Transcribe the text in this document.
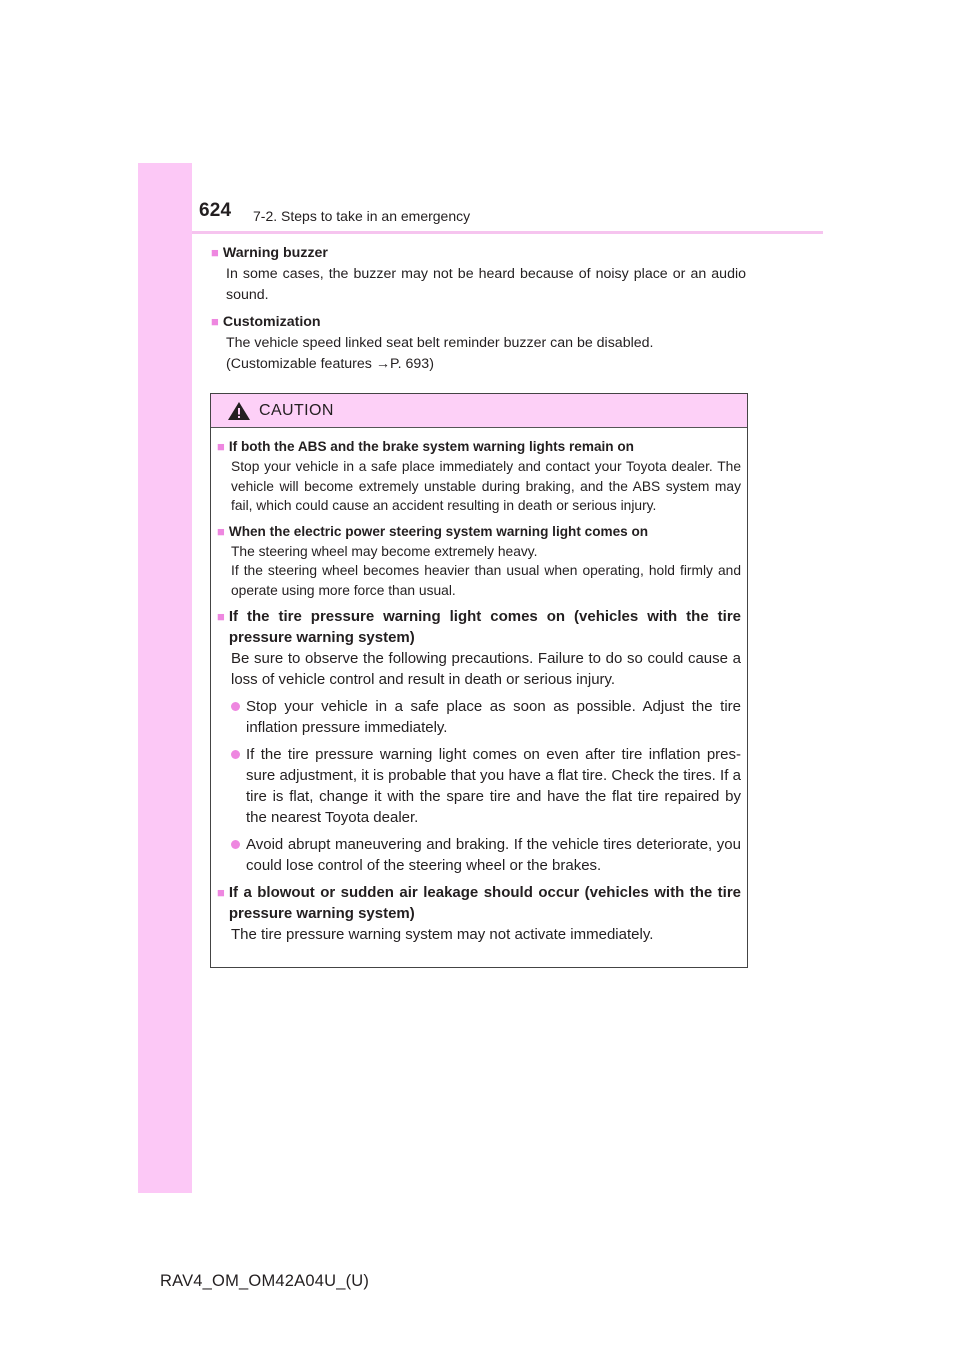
624 7-2. Steps to take in an emergency
■ Warning buzzer
In some cases, the buzzer may not be heard because of noisy place or an audio sound.
■ Customization
The vehicle speed linked seat belt reminder buzzer can be disabled.
(Customizable features →P. 693)
CAUTION
■ If both the ABS and the brake system warning lights remain on
Stop your vehicle in a safe place immediately and contact your Toyota dealer. The vehicle will become extremely unstable during braking, and the ABS system may fail, which could cause an accident resulting in death or serious injury.
■ When the electric power steering system warning light comes on
The steering wheel may become extremely heavy.
If the steering wheel becomes heavier than usual when operating, hold firmly and operate using more force than usual.
■ If the tire pressure warning light comes on (vehicles with the tire pressure warning system)
Be sure to observe the following precautions. Failure to do so could cause a loss of vehicle control and result in death or serious injury.
Stop your vehicle in a safe place as soon as possible. Adjust the tire inflation pressure immediately.
If the tire pressure warning light comes on even after tire inflation pres-sure adjustment, it is probable that you have a flat tire. Check the tires. If a tire is flat, change it with the spare tire and have the flat tire repaired by the nearest Toyota dealer.
Avoid abrupt maneuvering and braking. If the vehicle tires deteriorate, you could lose control of the steering wheel or the brakes.
■ If a blowout or sudden air leakage should occur (vehicles with the tire pressure warning system)
The tire pressure warning system may not activate immediately.
RAV4_OM_OM42A04U_(U)
